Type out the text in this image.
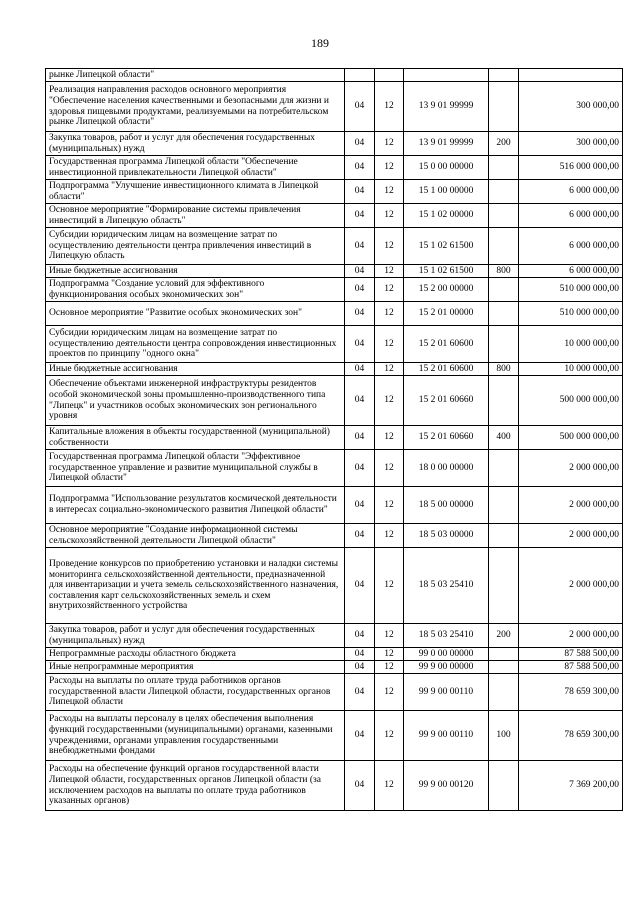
189
рынке Липецкой области"					
Реализация направления расходов основного мероприятия "Обеспечение населения качественными и безопасными для жизни и здоровья пищевыми продуктами, реализуемыми на потребительском рынке Липецкой области"	04	12	13 9 01 99999		300 000,00
Закупка товаров, работ и услуг для обеспечения государственных (муниципальных) нужд	04	12	13 9 01 99999	200	300 000,00
Государственная программа Липецкой области "Обеспечение инвестиционной привлекательности Липецкой области"	04	12	15 0 00 00000		516 000 000,00
Подпрограмма "Улучшение инвестиционного климата в Липецкой области"	04	12	15 1 00 00000		6 000 000,00
Основное мероприятие "Формирование системы привлечения инвестиций в Липецкую область"	04	12	15 1 02 00000		6 000 000,00
Субсидии юридическим лицам на возмещение затрат по осуществлению деятельности центра привлечения инвестиций в Липецкую область	04	12	15 1 02 61500		6 000 000,00
Иные бюджетные ассигнования	04	12	15 1 02 61500	800	6 000 000,00
Подпрограмма "Создание условий для эффективного функционирования особых экономических зон"	04	12	15 2 00 00000		510 000 000,00
Основное мероприятие "Развитие особых экономических зон"	04	12	15 2 01 00000		510 000 000,00
Субсидии юридическим лицам на возмещение затрат по осуществлению деятельности центра сопровождения инвестиционных проектов по принципу "одного окна"	04	12	15 2 01 60600		10 000 000,00
Иные бюджетные ассигнования	04	12	15 2 01 60600	800	10 000 000,00
Обеспечение объектами инженерной инфраструктуры резидентов особой экономической зоны промышленно-производственного типа "Липецк" и участников особых экономических зон регионального уровня	04	12	15 2 01 60660		500 000 000,00
Капитальные вложения в объекты государственной (муниципальной) собственности	04	12	15 2 01 60660	400	500 000 000,00
Государственная программа Липецкой области "Эффективное государственное управление и развитие муниципальной службы в Липецкой области"	04	12	18 0 00 00000		2 000 000,00
Подпрограмма "Использование результатов космической деятельности в интересах социально-экономического развития Липецкой области"	04	12	18 5 00 00000		2 000 000,00
Основное мероприятие "Создание информационной системы сельскохозяйственной деятельности Липецкой области"	04	12	18 5 03 00000		2 000 000,00
Проведение конкурсов по приобретению установки и наладки системы мониторинга сельскохозяйственной деятельности, предназначенной для инвентаризации и учета земель сельскохозяйственного назначения, составления карт сельскохозяйственных земель и схем внутрихозяйственного устройства	04	12	18 5 03 25410		2 000 000,00
Закупка товаров, работ и услуг для обеспечения государственных (муниципальных) нужд	04	12	18 5 03 25410	200	2 000 000,00
Непрограммные расходы областного бюджета	04	12	99 0 00 00000		87 588 500,00
Иные непрограммные мероприятия	04	12	99 9 00 00000		87 588 500,00
Расходы на выплаты по оплате труда работников органов государственной власти Липецкой области, государственных органов Липецкой области	04	12	99 9 00 00110		78 659 300,00
Расходы на выплаты персоналу в целях обеспечения выполнения функций государственными (муниципальными) органами, казенными учреждениями, органами управления государственными внебюджетными фондами	04	12	99 9 00 00110	100	78 659 300,00
Расходы на обеспечение функций органов государственной власти Липецкой области, государственных органов Липецкой области (за исключением расходов на выплаты по оплате труда работников указанных органов)	04	12	99 9 00 00120		7 369 200,00
